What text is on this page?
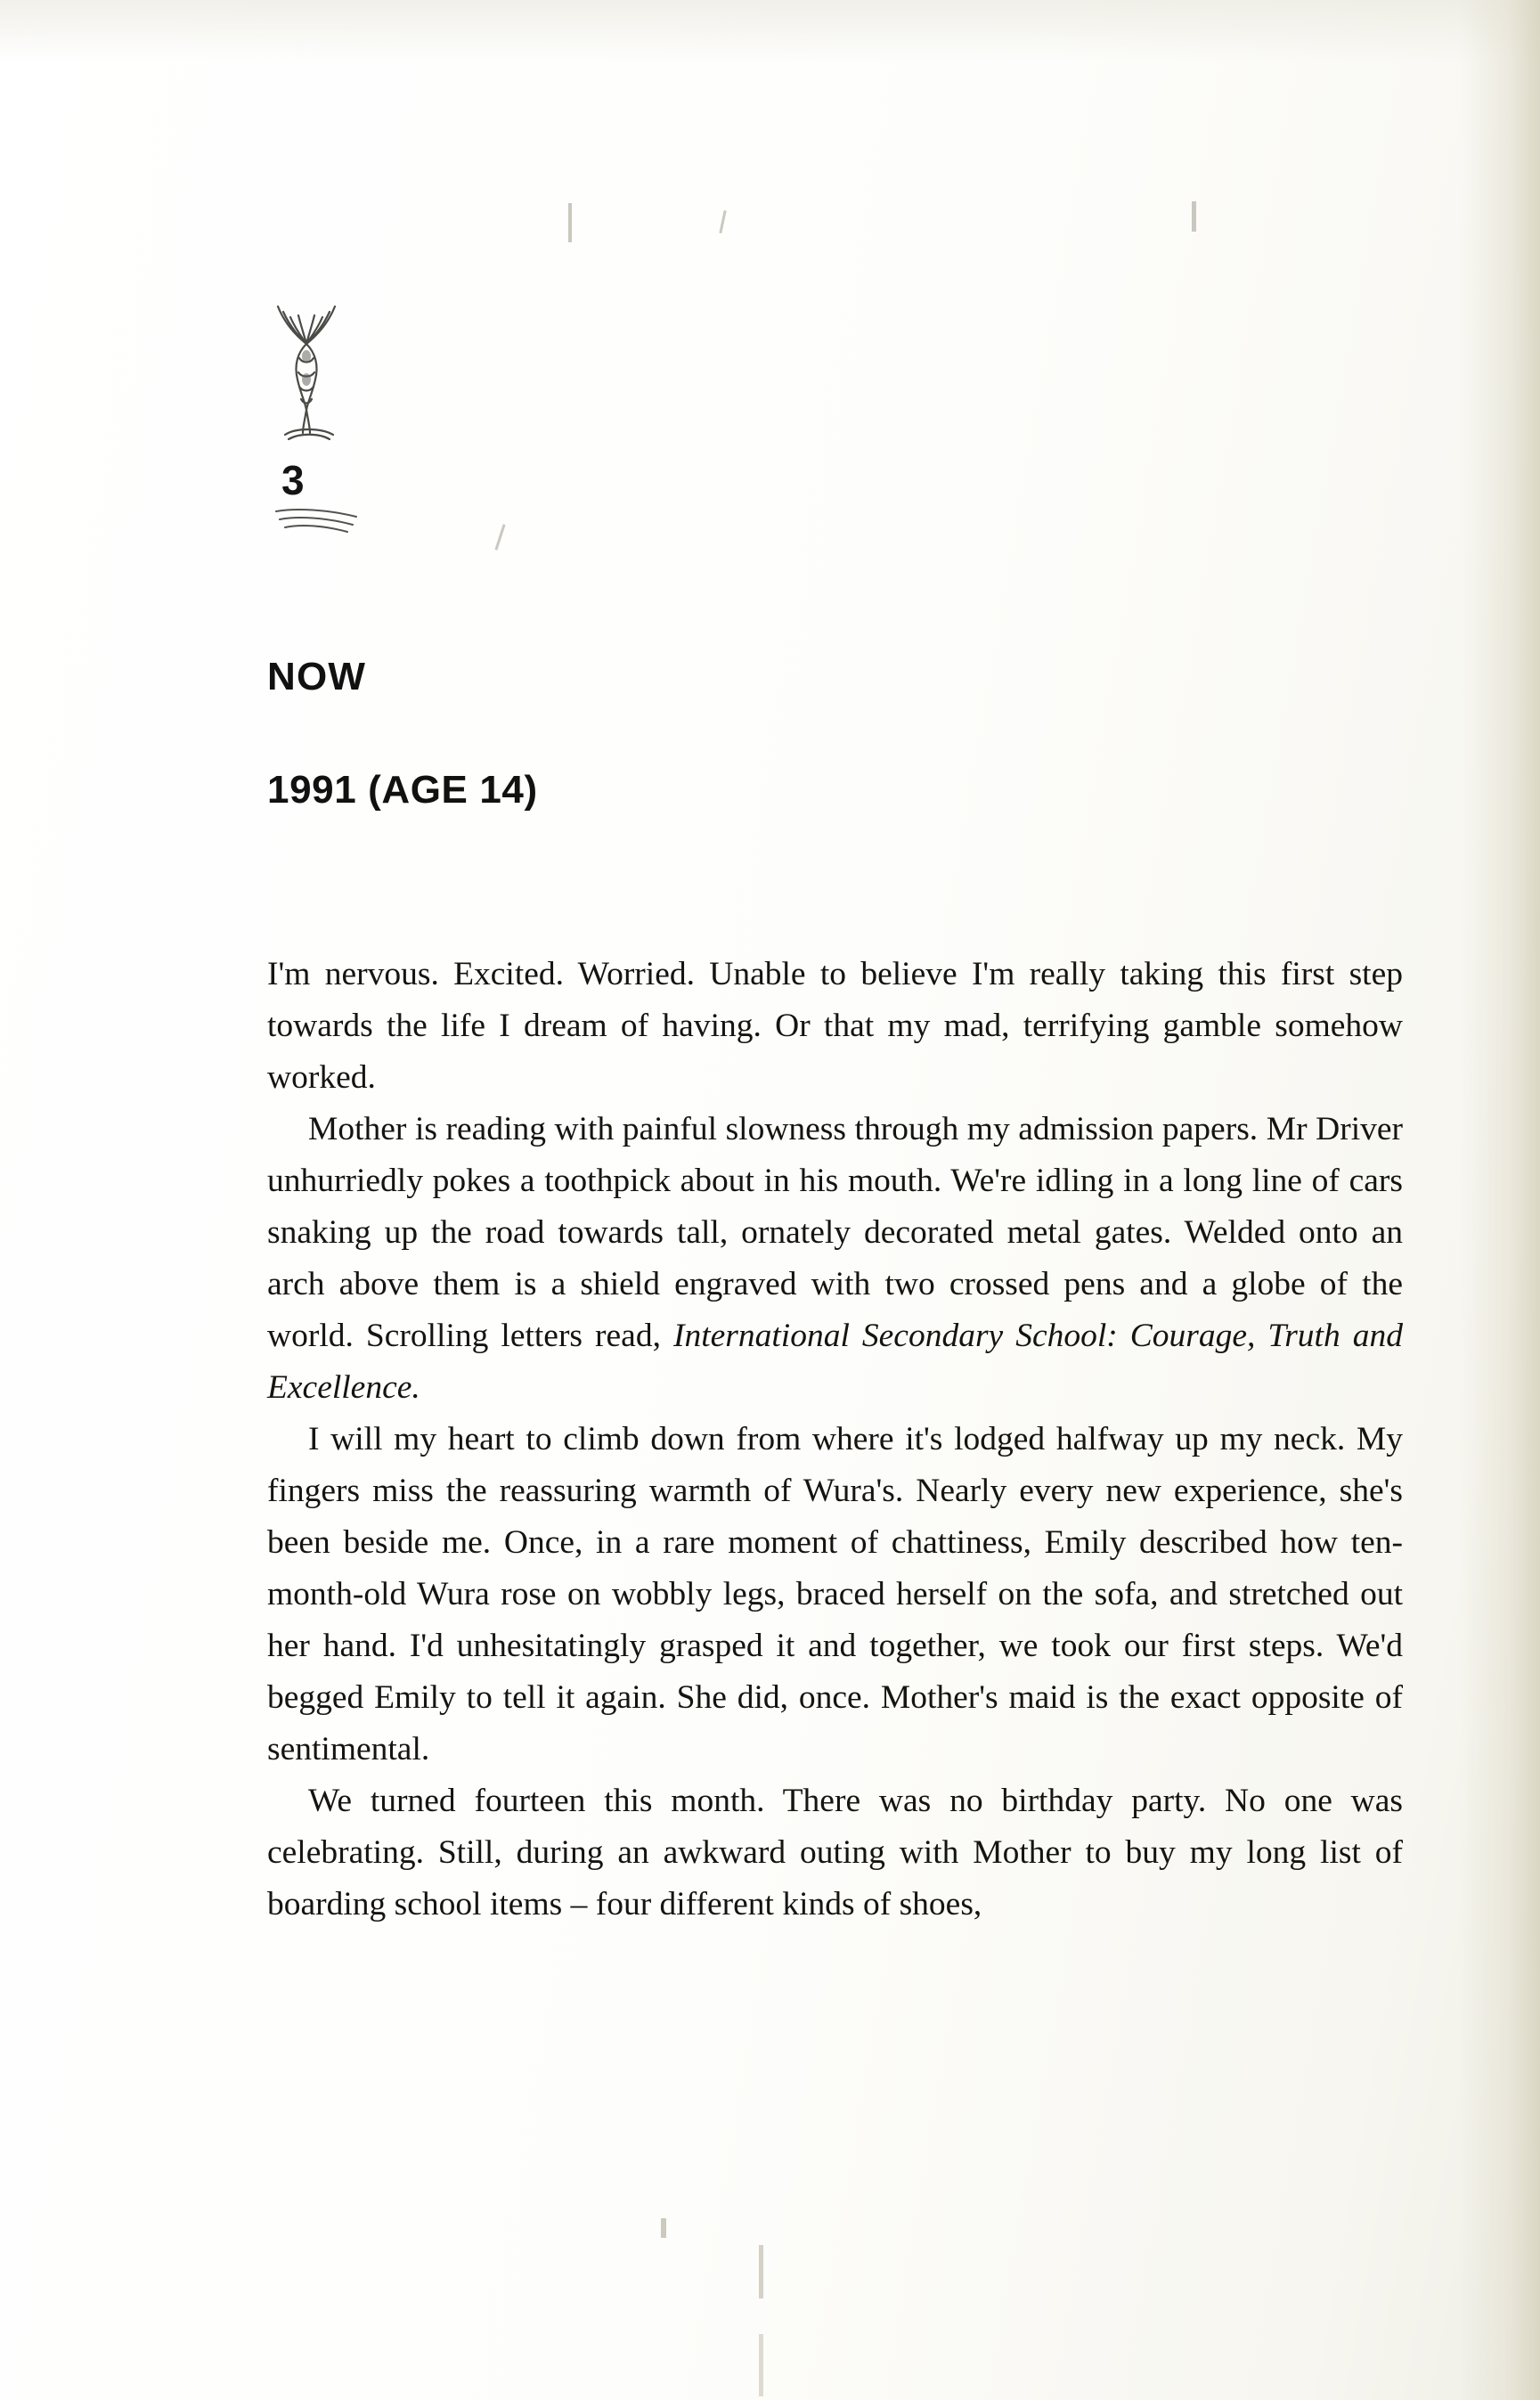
3
NOW
1991 (AGE 14)

I'm nervous. Excited. Worried. Unable to believe I'm really taking this first step towards the life I dream of having. Or that my mad, terrifying gamble somehow worked.

Mother is reading with painful slowness through my admission papers. Mr Driver unhurriedly pokes a toothpick about in his mouth. We're idling in a long line of cars snaking up the road towards tall, ornately decorated metal gates. Welded onto an arch above them is a shield engraved with two crossed pens and a globe of the world. Scrolling letters read, International Secondary School: Courage, Truth and Excellence.

I will my heart to climb down from where it's lodged halfway up my neck. My fingers miss the reassuring warmth of Wura's. Nearly every new experience, she's been beside me. Once, in a rare moment of chattiness, Emily described how ten-month-old Wura rose on wobbly legs, braced herself on the sofa, and stretched out her hand. I'd unhesitatingly grasped it and together, we took our first steps. We'd begged Emily to tell it again. She did, once. Mother's maid is the exact opposite of sentimental.

We turned fourteen this month. There was no birthday party. No one was celebrating. Still, during an awkward outing with Mother to buy my long list of boarding school items – four different kinds of shoes,
